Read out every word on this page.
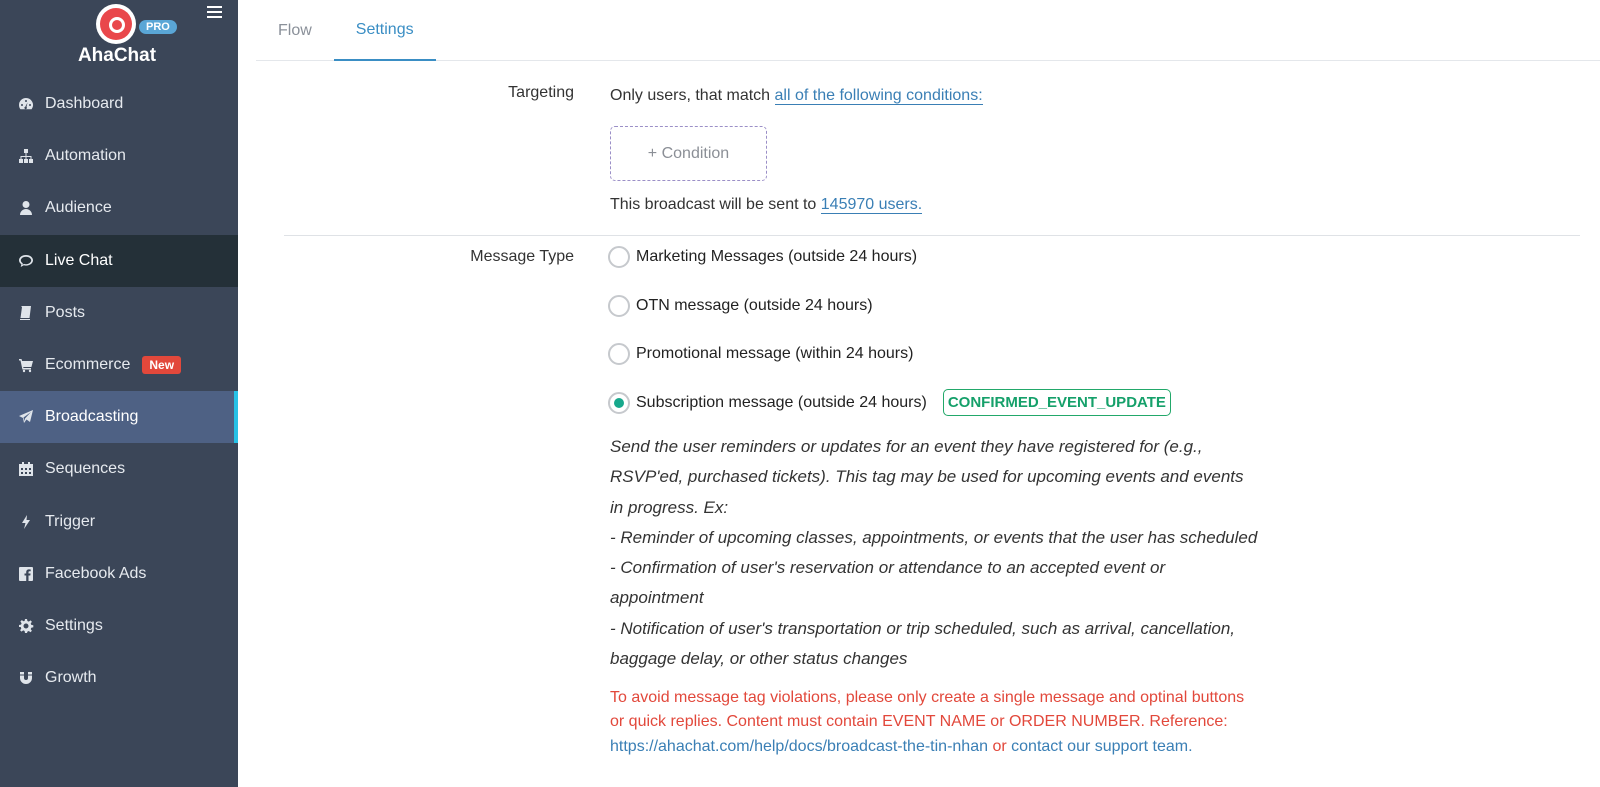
PRO
AhaChat
Dashboard
Automation
Audience
Live Chat
Posts
Ecommerce	New
Broadcasting
Sequences
Trigger
Facebook Ads
Settings
Growth
Flow	Settings
Targeting Only users, that match all of the following conditions:
+ Condition
This broadcast will be sent to 145970 users.
Message Type	Marketing Messages (outside 24 hours)
OTN message (outside 24 hours)
Promotional message (within 24 hours)
Subscription message (outside 24 hours)	CONFIRMED_EVENT_UPDATE

Send the user reminders or updates for an event they have registered for (e.g., RSVP'ed, purchased tickets). This tag may be used for upcoming events and events in progress. Ex:

- Reminder of upcoming classes, appointments, or events that the user has scheduled

- Confirmation of user's reservation or attendance to an accepted event or appointment

- Notification of user's transportation or trip scheduled, such as arrival, cancellation, baggage delay, or other status changes

To avoid message tag violations, please only create a single message and optinal buttons or quick replies. Content must contain EVENT NAME or ORDER NUMBER. Reference: https://ahachat.com/help/docs/broadcast-the-tin-nhan or contact our support team.
